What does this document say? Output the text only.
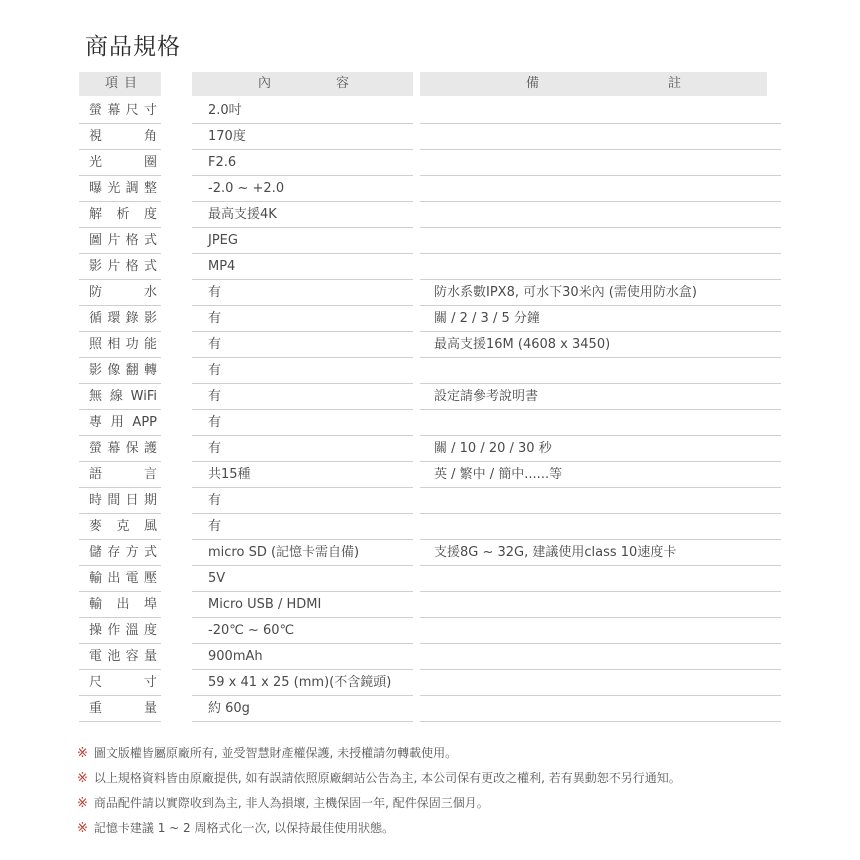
商品規格
項目	內容	備註
螢幕尺寸	2.0吋
視角	170度
光圈	F2.6
曝光調整	-2.0 ~ +2.0
解析度	最高支援4K
圖片格式	JPEG
影片格式	MP4
防水	有	防水系數IPX8, 可水下30米內 (需使用防水盒)
循環錄影	有	關 / 2 / 3 / 5 分鐘
照相功能	有	最高支援16M (4608 x 3450)
影像翻轉	有
無線WiFi	有	設定請參考說明書
專用APP	有
螢幕保護	有	關 / 10 / 20 / 30 秒
語言	共15種	英 / 繁中 / 簡中......等
時間日期	有
麥克風	有
儲存方式	micro SD (記憶卡需自備)	支援8G ~ 32G, 建議使用class 10速度卡
輸出電壓	5V
輸出埠	Micro USB / HDMI
操作溫度	-20℃ ~ 60℃
電池容量	900mAh
尺寸	59 x 41 x 25 (mm)(不含鏡頭)
重量	約 60g
※ 圖文版權皆屬原廠所有, 並受智慧財產權保護, 未授權請勿轉載使用。
※ 以上規格資料皆由原廠提供, 如有誤請依照原廠網站公告為主, 本公司保有更改之權利, 若有異動恕不另行通知。
※ 商品配件請以實際收到為主, 非人為損壞, 主機保固一年, 配件保固三個月。
※ 記憶卡建議 1 ~ 2 周格式化一次, 以保持最佳使用狀態。
